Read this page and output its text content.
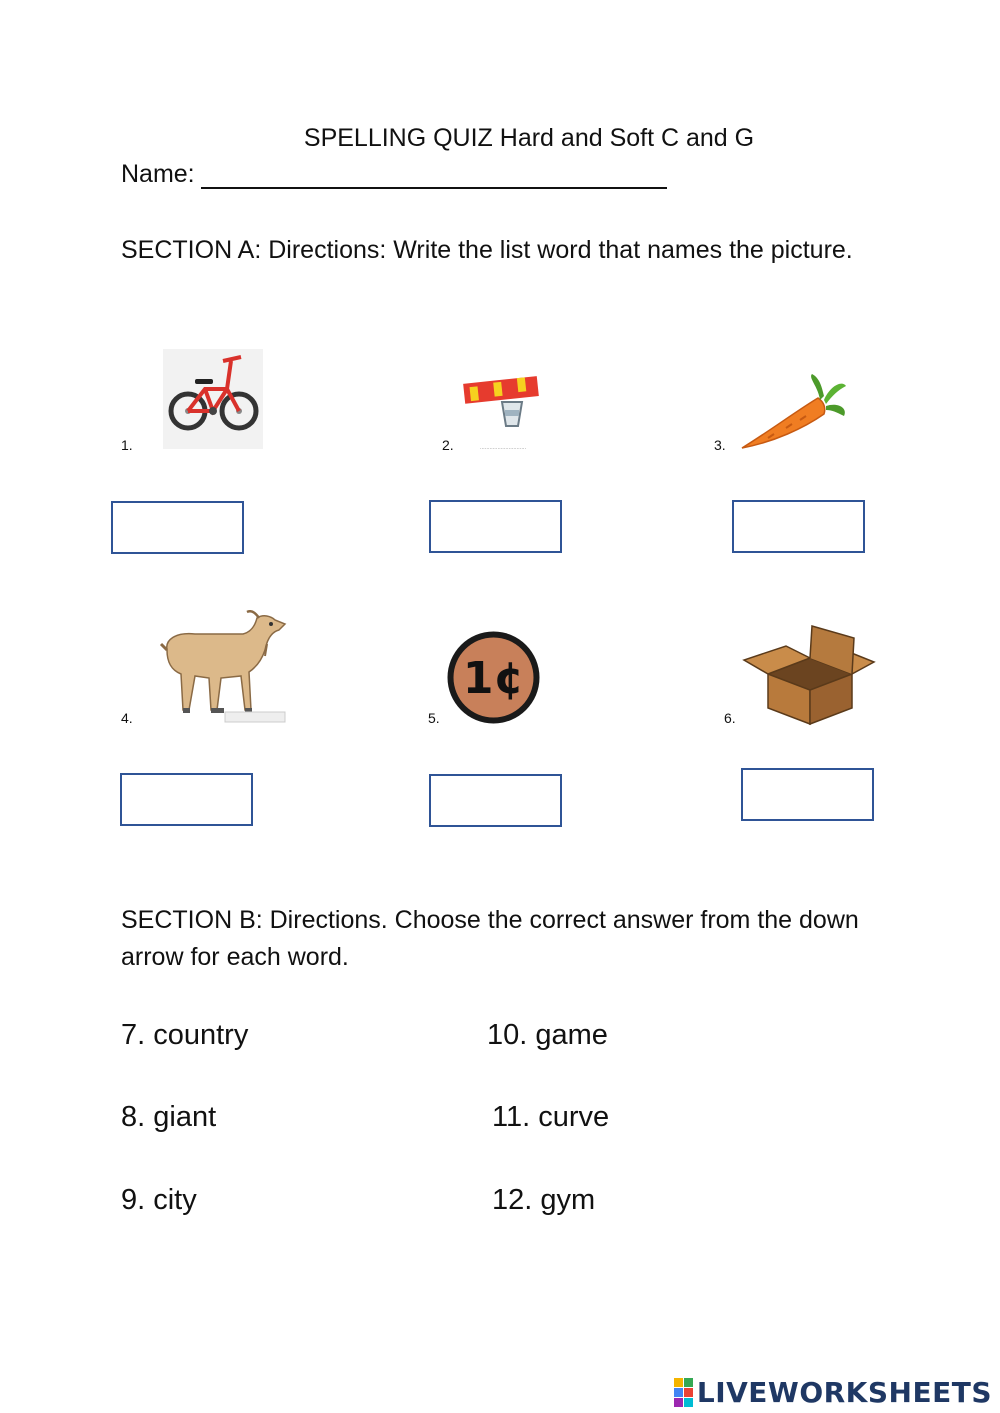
SPELLING QUIZ Hard and Soft C and G
Name:
SECTION A: Directions: Write the list word that names the picture.
1.	2.	·····························	3.
4.	5.
1¢
6.
SECTION B: Directions. Choose the correct answer from the down arrow for each word.
7. country
8. giant
9. city
10. game
11. curve
12. gym
LIVEWORKSHEETS
